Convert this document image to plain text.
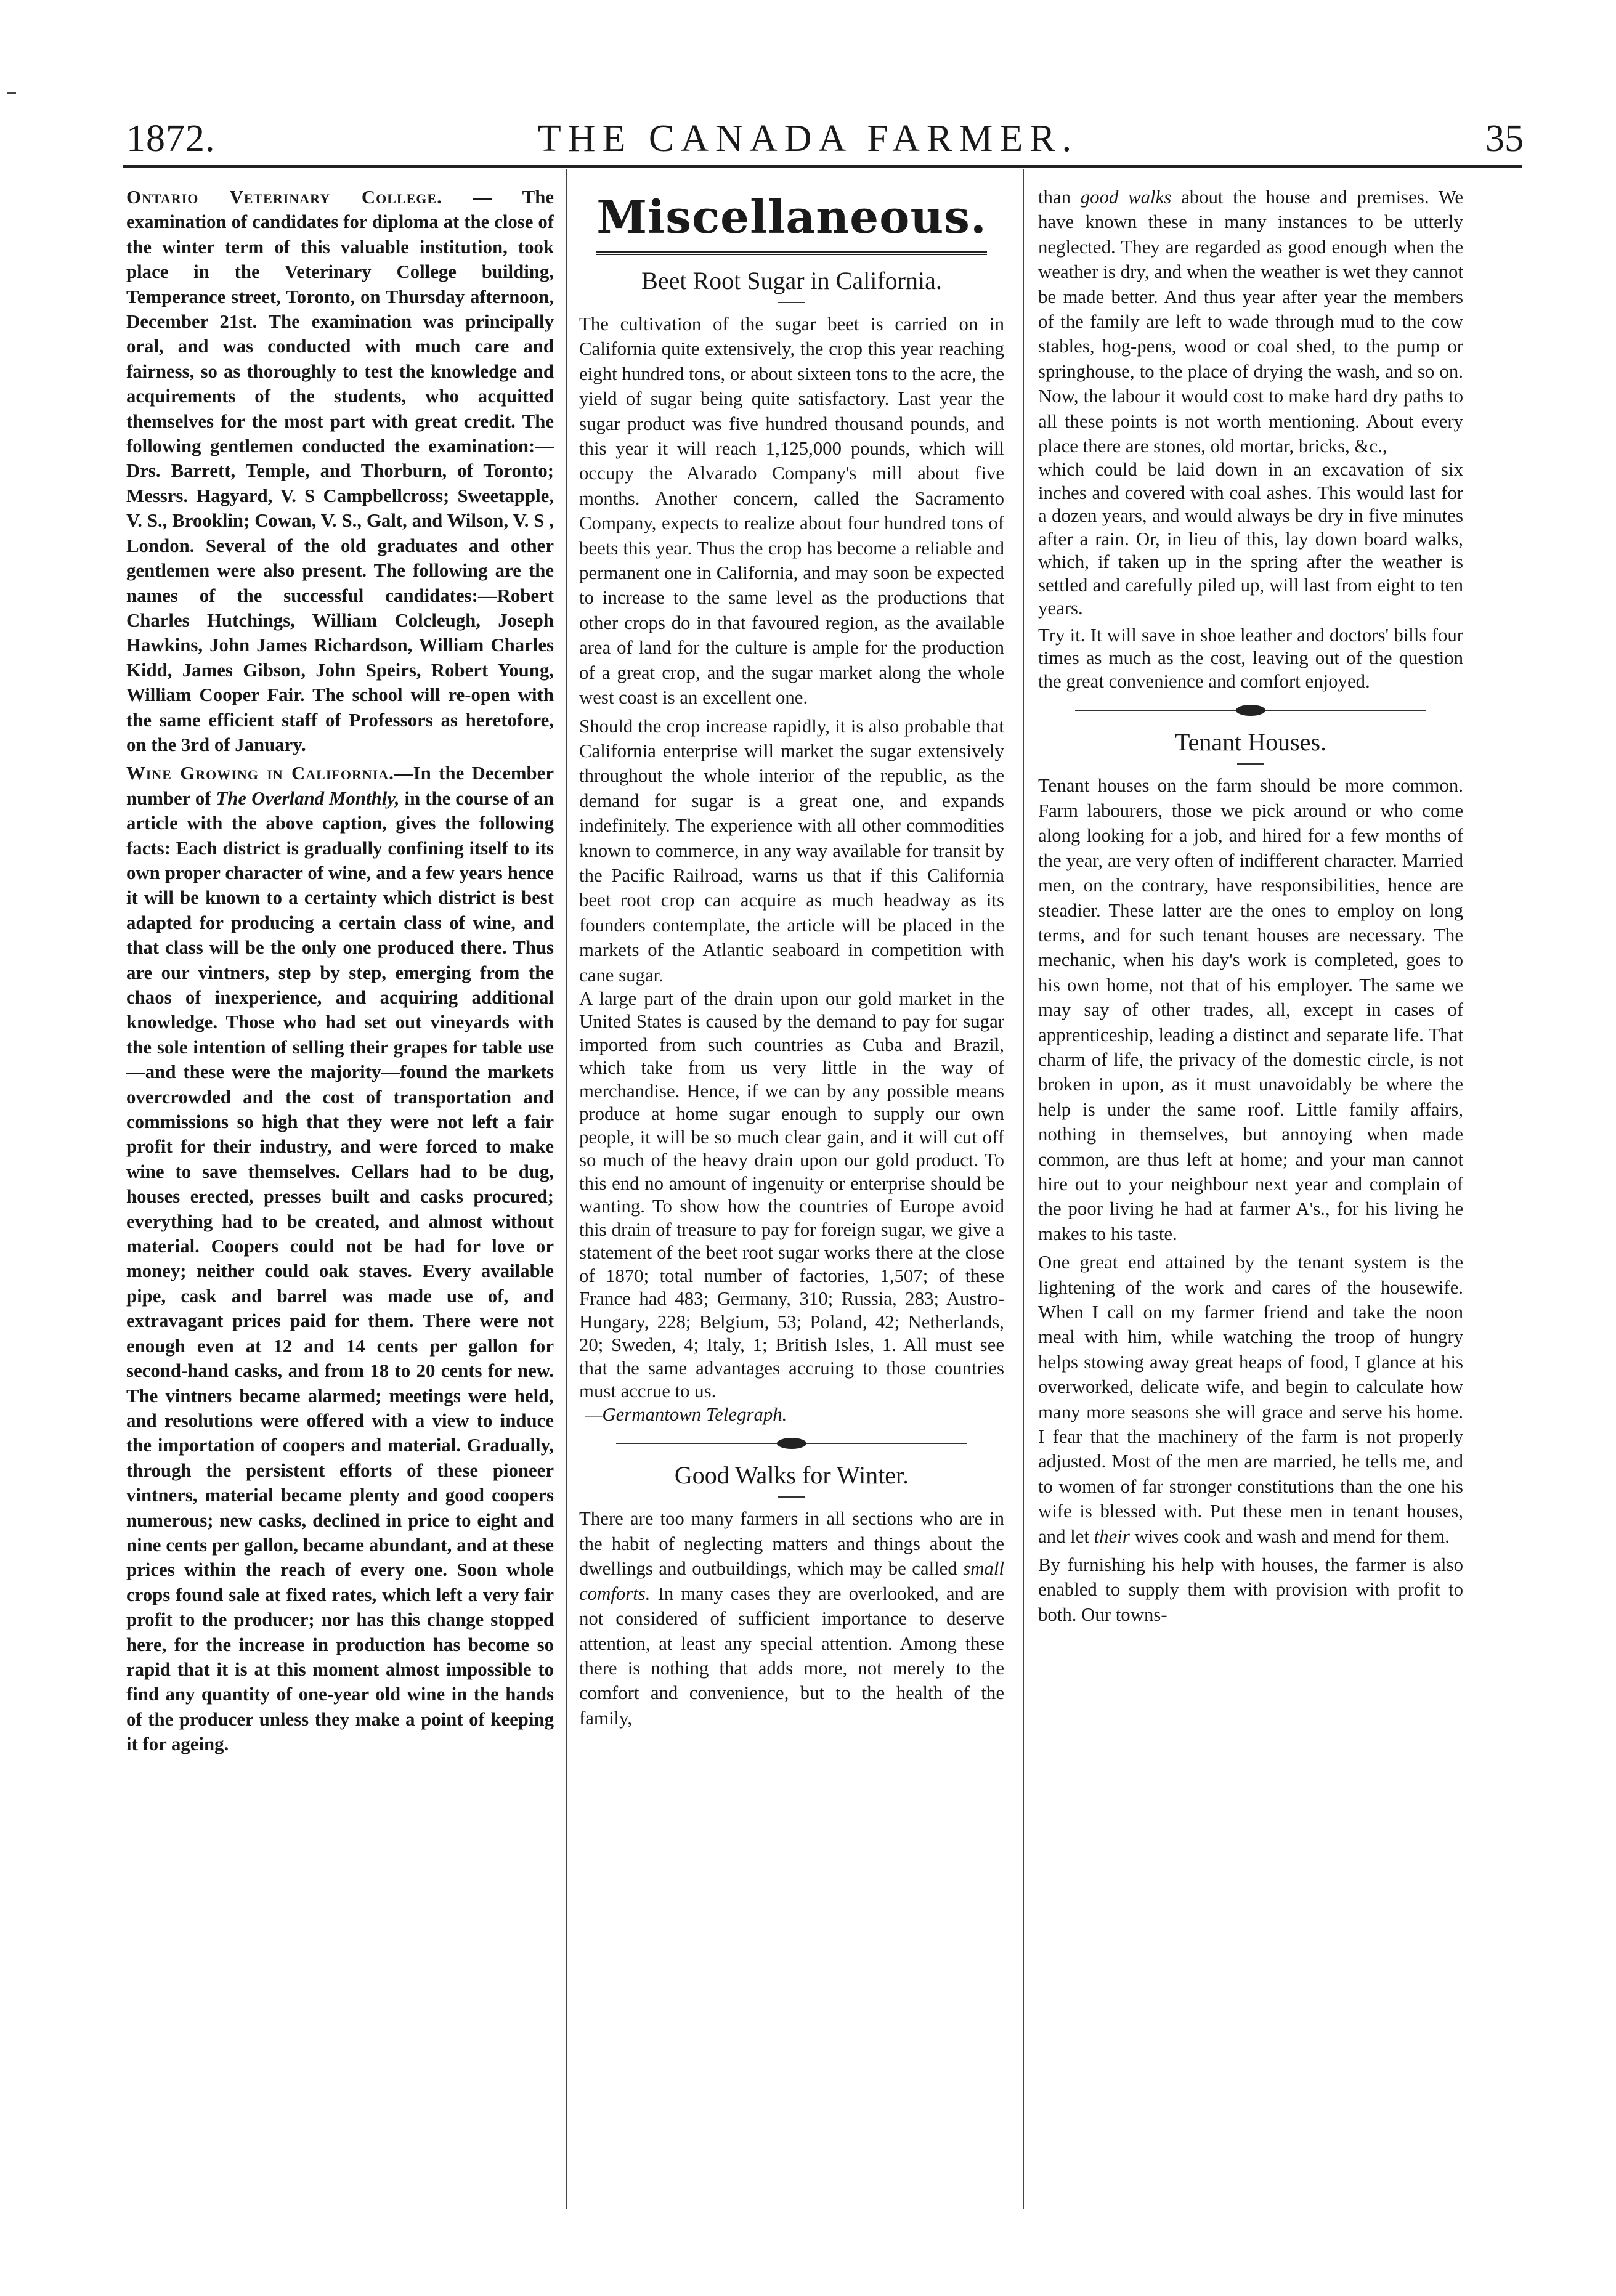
1872.	THE CANADA FARMER.	35

Ontario Veterinary College. — The examination of candidates for diploma at the close of the winter term of this valuable institution, took place in the Veterinary College building, Temperance street, Toronto, on Thursday afternoon, December 21st. The examination was principally oral, and was conducted with much care and fairness, so as thoroughly to test the knowledge and acquirements of the students, who acquitted themselves for the most part with great credit. The following gentlemen conducted the examination:— Drs. Barrett, Temple, and Thorburn, of Toronto; Messrs. Hagyard, V. S Campbellcross; Sweetapple, V. S., Brooklin; Cowan, V. S., Galt, and Wilson, V. S , London. Several of the old graduates and other gentlemen were also present. The following are the names of the successful candidates:—Robert Charles Hutchings, William Colcleugh, Joseph Hawkins, John James Richardson, William Charles Kidd, James Gibson, John Speirs, Robert Young, William Cooper Fair. The school will re-open with the same efficient staff of Professors as heretofore, on the 3rd of January.

Wine Growing in California.—In the December number of The Overland Monthly, in the course of an article with the above caption, gives the following facts: Each district is gradually confining itself to its own proper character of wine, and a few years hence it will be known to a certainty which district is best adapted for producing a certain class of wine, and that class will be the only one produced there. Thus are our vintners, step by step, emerging from the chaos of inexperience, and acquiring additional knowledge. Those who had set out vineyards with the sole intention of selling their grapes for table use—and these were the majority—found the markets overcrowded and the cost of transportation and commissions so high that they were not left a fair profit for their industry, and were forced to make wine to save themselves. Cellars had to be dug, houses erected, presses built and casks procured; everything had to be created, and almost without material. Coopers could not be had for love or money; neither could oak staves. Every available pipe, cask and barrel was made use of, and extravagant prices paid for them. There were not enough even at 12 and 14 cents per gallon for second-hand casks, and from 18 to 20 cents for new. The vintners became alarmed; meetings were held, and resolutions were offered with a view to induce the importation of coopers and material. Gradually, through the persistent efforts of these pioneer vintners, material became plenty and good coopers numerous; new casks, declined in price to eight and nine cents per gallon, became abundant, and at these prices within the reach of every one. Soon whole crops found sale at fixed rates, which left a very fair profit to the producer; nor has this change stopped here, for the increase in production has become so rapid that it is at this moment almost impossible to find any quantity of one-year old wine in the hands of the producer unless they make a point of keeping it for ageing.

Miscellaneous.
Beet Root Sugar in California.

The cultivation of the sugar beet is carried on in California quite extensively, the crop this year reaching eight hundred tons, or about sixteen tons to the acre, the yield of sugar being quite satisfactory. Last year the sugar product was five hundred thousand pounds, and this year it will reach 1,125,000 pounds, which will occupy the Alvarado Company's mill about five months. Another concern, called the Sacramento Company, expects to realize about four hundred tons of beets this year. Thus the crop has become a reliable and permanent one in California, and may soon be expected to increase to the same level as the productions that other crops do in that favoured region, as the available area of land for the culture is ample for the production of a great crop, and the sugar market along the whole west coast is an excellent one.

Should the crop increase rapidly, it is also probable that California enterprise will market the sugar extensively throughout the whole interior of the republic, as the demand for sugar is a great one, and expands indefinitely. The experience with all other commodities known to commerce, in any way available for transit by the Pacific Railroad, warns us that if this California beet root crop can acquire as much headway as its founders contemplate, the article will be placed in the markets of the Atlantic seaboard in competition with cane sugar.

A large part of the drain upon our gold market in the United States is caused by the demand to pay for sugar imported from such countries as Cuba and Brazil, which take from us very little in the way of merchandise. Hence, if we can by any possible means produce at home sugar enough to supply our own people, it will be so much clear gain, and it will cut off so much of the heavy drain upon our gold product. To this end no amount of ingenuity or enterprise should be wanting. To show how the countries of Europe avoid this drain of treasure to pay for foreign sugar, we give a statement of the beet root sugar works there at the close of 1870; total number of factories, 1,507; of these France had 483; Germany, 310; Russia, 283; Austro-Hungary, 228; Belgium, 53; Poland, 42; Netherlands, 20; Sweden, 4; Italy, 1; British Isles, 1. All must see that the same advantages accruing to those countries must accrue to us.

—Germantown Telegraph.

Good Walks for Winter.

There are too many farmers in all sections who are in the habit of neglecting matters and things about the dwellings and outbuildings, which may be called small comforts. In many cases they are overlooked, and are not considered of sufficient importance to deserve attention, at least any special attention. Among these there is nothing that adds more, not merely to the comfort and convenience, but to the health of the family,

than good walks about the house and premises. We have known these in many instances to be utterly neglected. They are regarded as good enough when the weather is dry, and when the weather is wet they cannot be made better. And thus year after year the members of the family are left to wade through mud to the cow stables, hog-pens, wood or coal shed, to the pump or springhouse, to the place of drying the wash, and so on. Now, the labour it would cost to make hard dry paths to all these points is not worth mentioning. About every place there are stones, old mortar, bricks, &c.,

which could be laid down in an excavation of six inches and covered with coal ashes. This would last for a dozen years, and would always be dry in five minutes after a rain. Or, in lieu of this, lay down board walks, which, if taken up in the spring after the weather is settled and carefully piled up, will last from eight to ten years.

Try it. It will save in shoe leather and doctors' bills four times as much as the cost, leaving out of the question the great convenience and comfort enjoyed.

Tenant Houses.

Tenant houses on the farm should be more common. Farm labourers, those we pick around or who come along looking for a job, and hired for a few months of the year, are very often of indifferent character. Married men, on the contrary, have responsibilities, hence are steadier. These latter are the ones to employ on long terms, and for such tenant houses are necessary. The mechanic, when his day's work is completed, goes to his own home, not that of his employer. The same we may say of other trades, all, except in cases of apprenticeship, leading a distinct and separate life. That charm of life, the privacy of the domestic circle, is not broken in upon, as it must unavoidably be where the help is under the same roof. Little family affairs, nothing in themselves, but annoying when made common, are thus left at home; and your man cannot hire out to your neighbour next year and complain of the poor living he had at farmer A's., for his living he makes to his taste.

One great end attained by the tenant system is the lightening of the work and cares of the housewife. When I call on my farmer friend and take the noon meal with him, while watching the troop of hungry helps stowing away great heaps of food, I glance at his overworked, delicate wife, and begin to calculate how many more seasons she will grace and serve his home. I fear that the machinery of the farm is not properly adjusted. Most of the men are married, he tells me, and to women of far stronger constitutions than the one his wife is blessed with. Put these men in tenant houses, and let their wives cook and wash and mend for them.

By furnishing his help with houses, the farmer is also enabled to supply them with provision with profit to both. Our towns-
